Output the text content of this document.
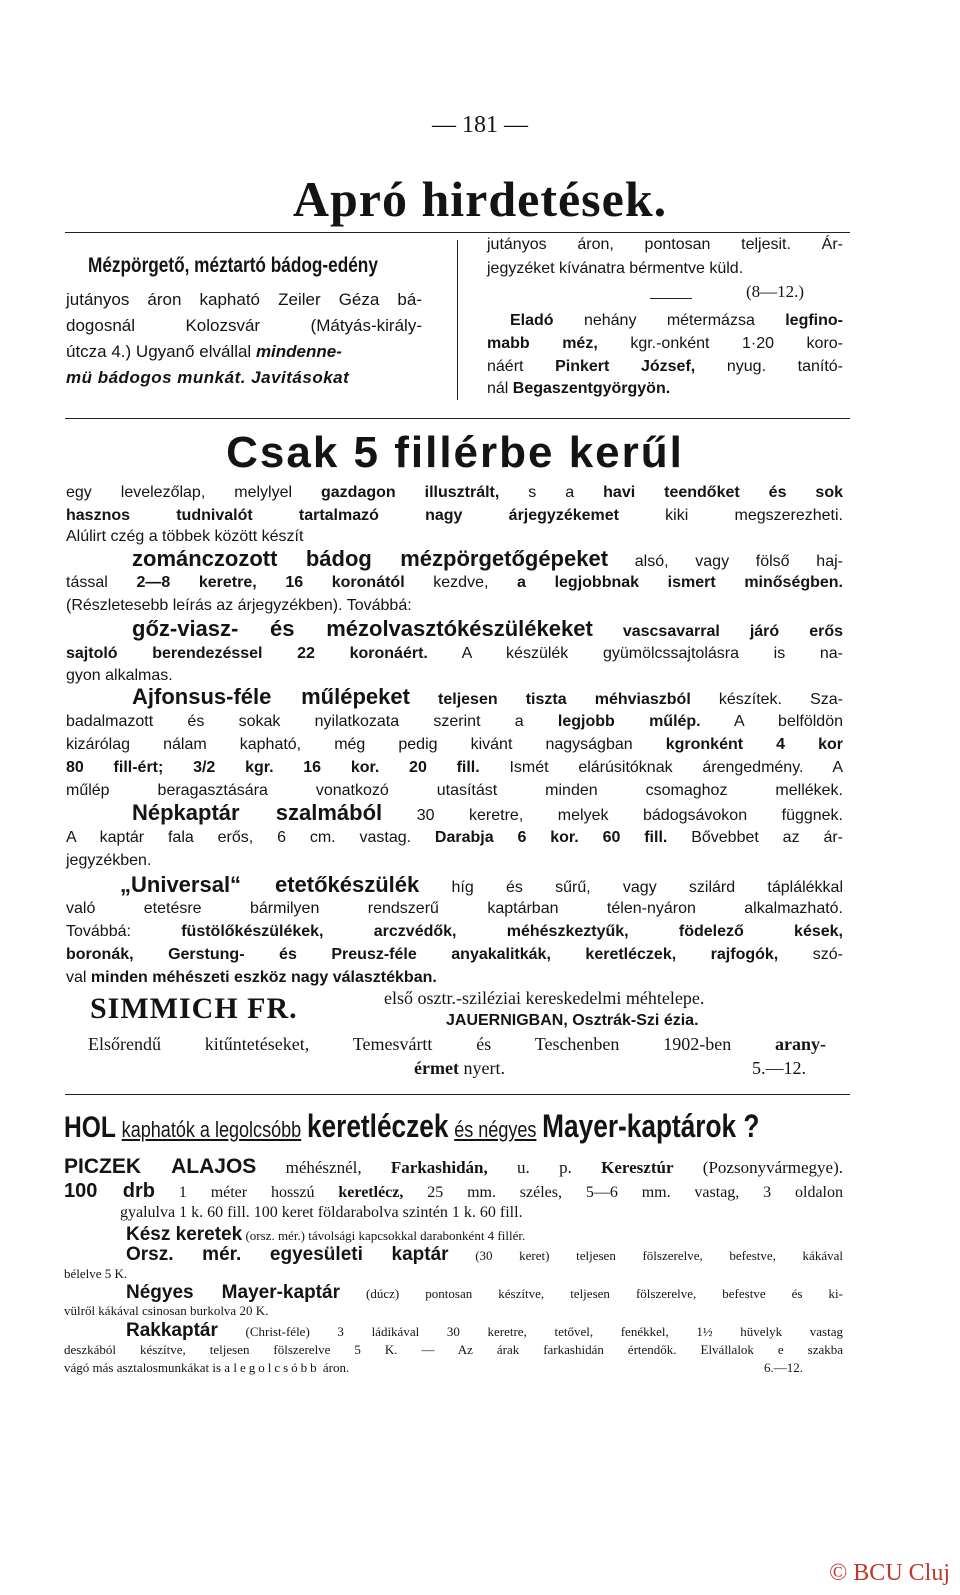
— 181 —
Apró hirdetések.
Mézpörgető, méztartó bádog-edény
jutányos áron kapható Zeiler Géza bá-
dogosnál Kolozsvár (Mátyás-király-
útcza 4.) Ugyanő elvállal mindenne-
mü bádogos munkát. Javitásokat
jutányos áron, pontosan teljesit. Ár-
jegyzéket kívánatra bérmentve küld.
(8—12.)
Eladó nehány métermázsa legfino-
mabb méz, kgr.-onként 1·20 koro-
náért Pinkert József, nyug. tanító-
nál Begaszentgyörgyön.
Csak 5 fillérbe kerűl
egy levelezőlap, melylyel gazdagon illusztrált, s a havi teendőket és sok
hasznos tudnivalót tartalmazó nagy árjegyzékemet kiki megszerezheti.
Alúlirt czég a többek között készít
zománczozott bádog mézpörgetőgépeket alsó, vagy fölső haj-
tással 2—8 keretre, 16 koronától kezdve, a legjobbnak ismert minőségben.
(Részletesebb leírás az árjegyzékben). Továbbá:
gőz-viasz- és mézolvasztókészülékeket vascsavarral járó erős
sajtoló berendezéssel 22 koronáért. A készülék gyümölcssajtolásra is na-
gyon alkalmas.
Ajfonsus-féle műlépeket teljesen tiszta méhviaszból készítek. Sza-
badalmazott és sokak nyilatkozata szerint a legjobb műlép. A belföldön
kizárólag nálam kapható, még pedig kivánt nagyságban kgronként 4 kor
80 fill-ért; 3/2 kgr. 16 kor. 20 fill. Ismét elárúsitóknak árengedmény. A
műlép beragasztására vonatkozó utasítást minden csomaghoz mellékek.
Népkaptár szalmából 30 keretre, melyek bádogsávokon függnek.
A kaptár fala erős, 6 cm. vastag. Darabja 6 kor. 60 fill. Bővebbet az ár-
jegyzékben.
„Universal“ etetőkészülék híg és sűrű, vagy szilárd táplálékkal
való etetésre bármilyen rendszerű kaptárban télen-nyáron alkalmazható.
Továbbá: füstölőkészülékek, arczvédők, méhészkeztyűk, födelező kések,
boronák, Gerstung- és Preusz-féle anyakalitkák, keretléczek, rajfogók, szó-
val minden méhészeti eszköz nagy választékban.
SIMMICH FR.	első osztr.-sziléziai kereskedelmi méhtelepe.
JAUERNIGBAN, Osztrák-Szi ézia.
Elsőrendű kitűntetéseket, Temesvártt és Teschenben 1902-ben arany-
érmet nyert.	5.—12.
HOL kaphatók a legolcsóbb keretléczek és négyes Mayer-kaptárok ?
PICZEK ALAJOS méhésznél, Farkashidán, u. p. Keresztúr (Pozsonyvármegye).
100 drb 1 méter hosszú keretlécz, 25 mm. széles, 5—6 mm. vastag, 3 oldalon
gyalulva 1 k. 60 fill. 100 keret földarabolva szintén 1 k. 60 fill.
Kész keretek (orsz. mér.) távolsági kapcsokkal darabonként 4 fillér.
Orsz. mér. egyesületi kaptár (30 keret) teljesen fölszerelve, befestve, kákával
bélelve 5 K.
Négyes Mayer-kaptár (dúcz) pontosan készítve, teljesen fölszerelve, befestve és ki-
vülről kákával csinosan burkolva 20 K.
Rakkaptár (Christ-féle) 3 ládikával 30 keretre, tetővel, fenékkel, 1½ hüvelyk vastag
deszkából készítve, teljesen fölszerelve 5 K. — Az árak farkashidán értendők. Elvállalok e szakba
vágó más asztalosmunkákat is a legolcsóbb áron.	6.—12.
© BCU Cluj
